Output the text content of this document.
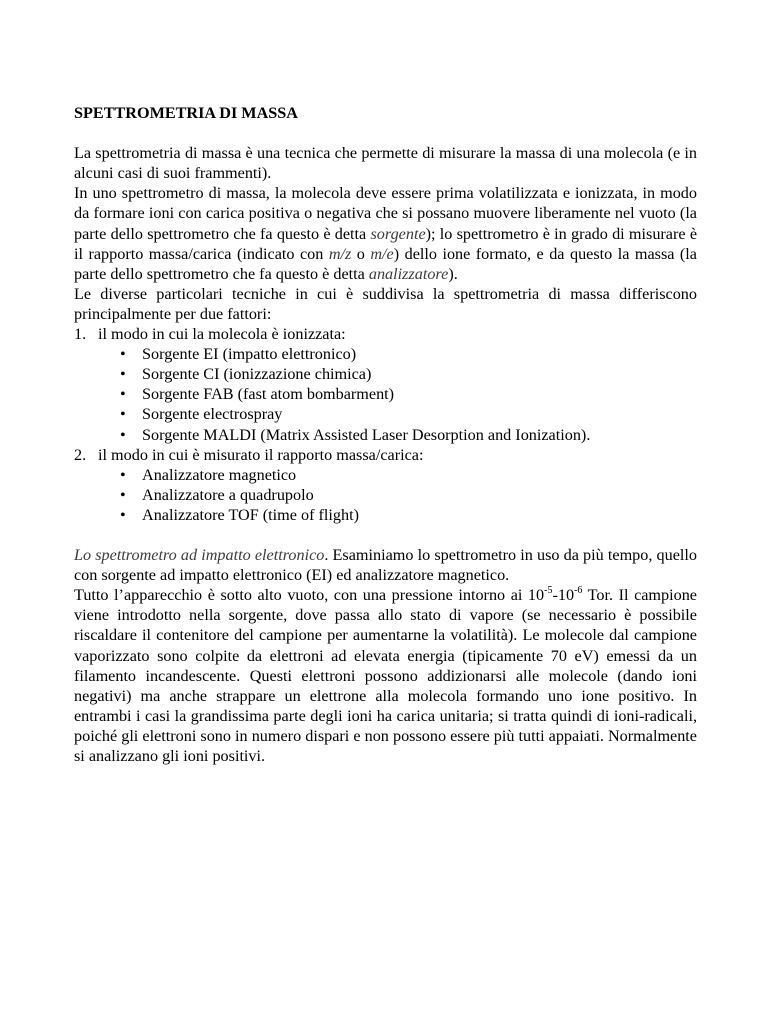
SPETTROMETRIA DI MASSA

La spettrometria di massa è una tecnica che permette di misurare la massa di una molecola (e in alcuni casi di suoi frammenti).

In uno spettrometro di massa, la molecola deve essere prima volatilizzata e ionizzata, in modo da formare ioni con carica positiva o negativa che si possano muovere liberamente nel vuoto (la parte dello spettrometro che fa questo è detta sorgente); lo spettrometro è in grado di misurare è il rapporto massa/carica (indicato con m/z o m/e) dello ione formato, e da questo la massa (la parte dello spettrometro che fa questo è detta analizzatore).

Le diverse particolari tecniche in cui è suddivisa la spettrometria di massa differiscono principalmente per due fattori:

1. il modo in cui la molecola è ionizzata:
• Sorgente EI (impatto elettronico)
• Sorgente CI (ionizzazione chimica)
• Sorgente FAB (fast atom bombarment)
• Sorgente electrospray
• Sorgente MALDI (Matrix Assisted Laser Desorption and Ionization).
2. il modo in cui è misurato il rapporto massa/carica:
• Analizzatore magnetico
• Analizzatore a quadrupolo
• Analizzatore TOF (time of flight)

Lo spettrometro ad impatto elettronico. Esaminiamo lo spettrometro in uso da più tempo, quello con sorgente ad impatto elettronico (EI) ed analizzatore magnetico.

Tutto l’apparecchio è sotto alto vuoto, con una pressione intorno ai $10^{-5}-10^{-6}$ Tor. Il campione viene introdotto nella sorgente, dove passa allo stato di vapore (se necessario è possibile riscaldare il contenitore del campione per aumentarne la volatilità). Le molecole dal campione vaporizzato sono colpite da elettroni ad elevata energia (tipicamente 70 eV) emessi da un filamento incandescente. Questi elettroni possono addizionarsi alle molecole (dando ioni negativi) ma anche strappare un elettrone alla molecola formando uno ione positivo. In entrambi i casi la grandissima parte degli ioni ha carica unitaria; si tratta quindi di ioni-radicali, poiché gli elettroni sono in numero dispari e non possono essere più tutti appaiati. Normalmente si analizzano gli ioni positivi.
